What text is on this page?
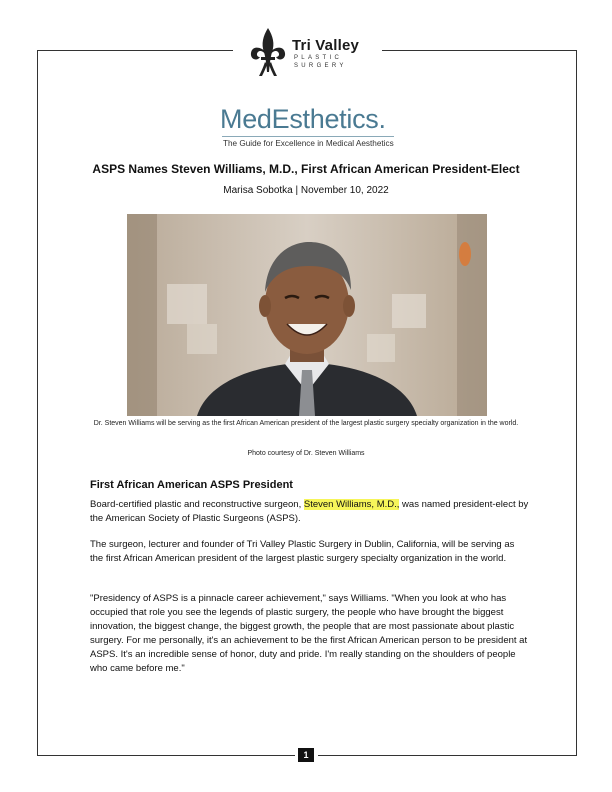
Tri Valley
PLASTIC
SURGERY
MedEsthetics.
The Guide for Excellence in Medical Aesthetics
ASPS Names Steven Williams, M.D., First African American President-Elect
Marisa Sobotka | November 10, 2022
Dr. Steven Williams will be serving as the first African American president of the largest plastic surgery specialty organization in the world.
Photo courtesy of Dr. Steven Williams
First African American ASPS President

Board-certified plastic and reconstructive surgeon, Steven Williams, M.D., was named president-elect by the American Society of Plastic Surgeons (ASPS).

The surgeon, lecturer and founder of Tri Valley Plastic Surgery in Dublin, California, will be serving as the first African American president of the largest plastic surgery specialty organization in the world.

"Presidency of ASPS is a pinnacle career achievement," says Williams. "When you look at who has occupied that role you see the legends of plastic surgery, the people who have brought the biggest innovation, the biggest change, the biggest growth, the people that are most passionate about plastic surgery. For me personally, it's an achievement to be the first African American person to be president at ASPS. It's an incredible sense of honor, duty and pride. I'm really standing on the shoulders of people who came before me."

1
